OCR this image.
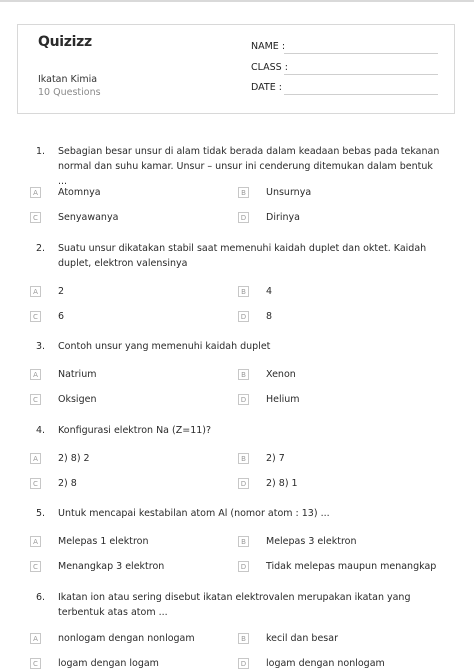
Quizizz
Ikatan Kimia
10 Questions
NAME :
CLASS :
DATE :
1. Sebagian besar unsur di alam tidak berada dalam keadaan bebas pada tekanan normal dan suhu kamar. Unsur – unsur ini cenderung ditemukan dalam bentuk ...
A	Atomnya	B	Unsurnya
C	Senyawanya	D Dirinya
2. Suatu unsur dikatakan stabil saat memenuhi kaidah duplet dan oktet. Kaidah duplet, elektron valensinya
A	2	B	4
C	6	D 8
3. Contoh unsur yang memenuhi kaidah duplet
A	Natrium	B	Xenon
C	Oksigen	D Helium
4. Konfigurasi elektron Na (Z=11)?
A	2) 8) 2	B	2) 7
C	2) 8	D 2) 8) 1
5. Untuk mencapai kestabilan atom Al (nomor atom : 13) ...
A	Melepas 1 elektron	B	Melepas 3 elektron
C	Menangkap 3 elektron	D Tidak melepas maupun menangkap
6. Ikatan ion atau sering disebut ikatan elektrovalen merupakan ikatan yang terbentuk atas atom ...
A	nonlogam dengan nonlogam	B	kecil dan besar
C	logam dengan logam	D logam dengan nonlogam
